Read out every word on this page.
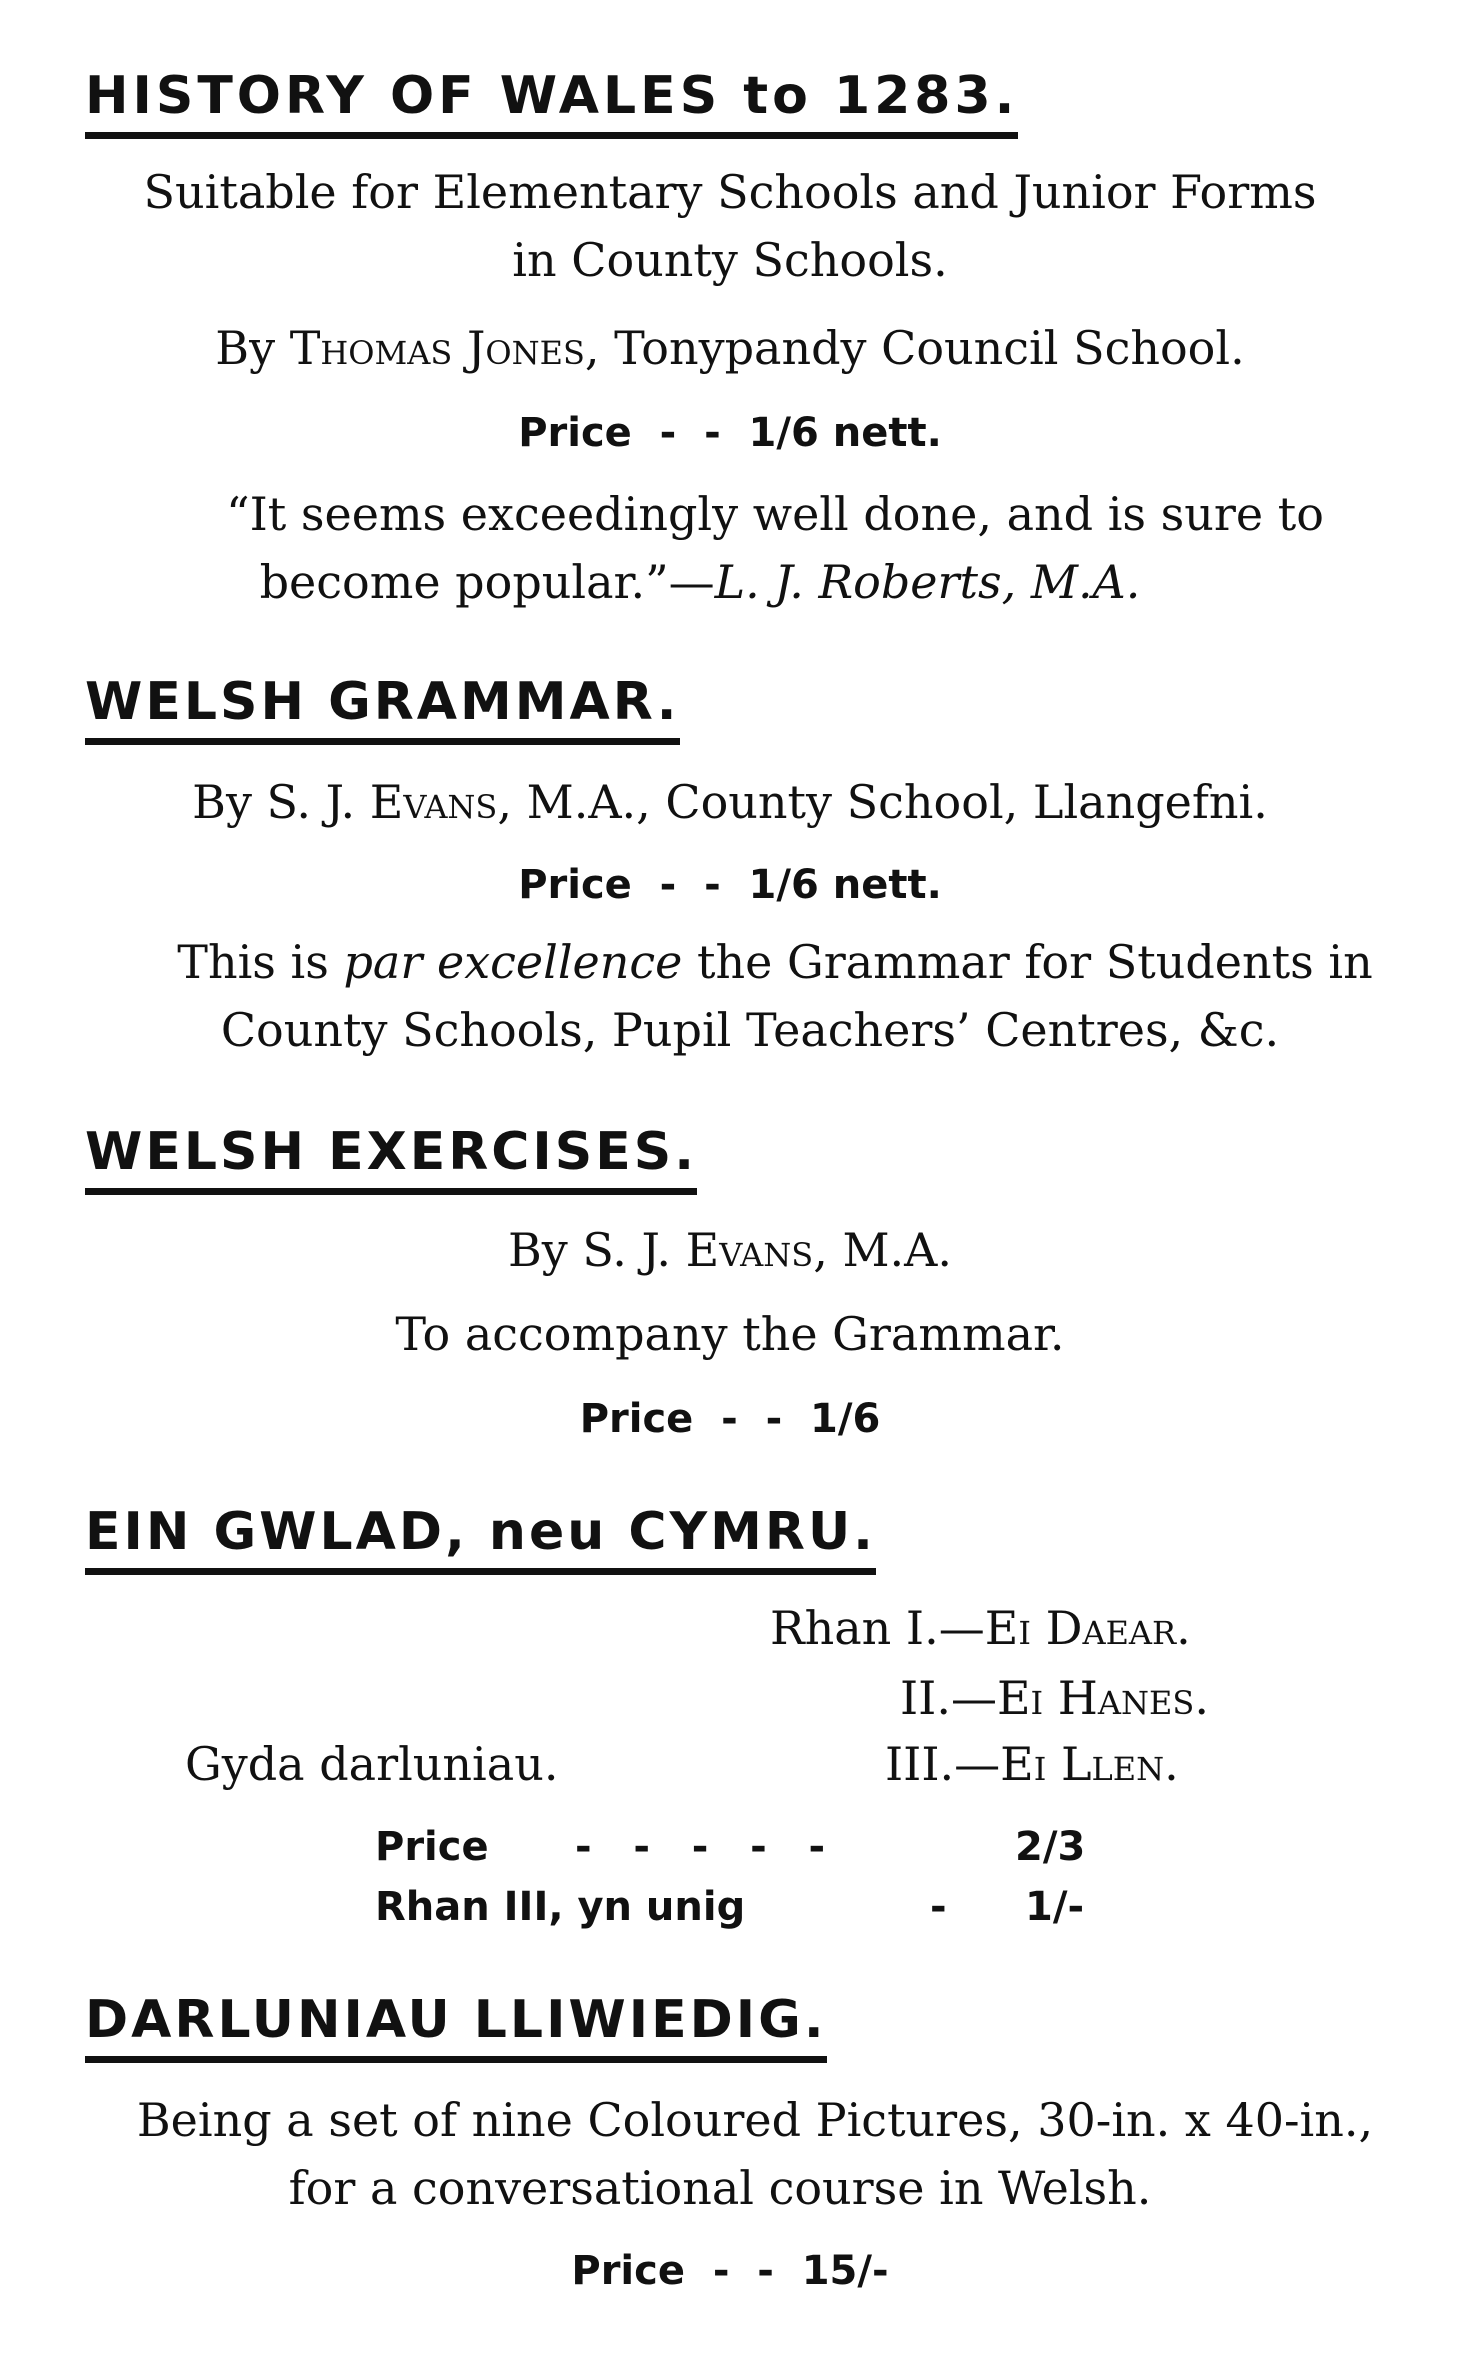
HISTORY OF WALES to 1283.
Suitable for Elementary Schools and Junior Forms
in County Schools.
By Thomas Jones, Tonypandy Council School.
Price  -  -  1/6 nett.
“It seems exceedingly well done, and is sure to
become popular.”—L. J. Roberts, M.A.
WELSH GRAMMAR.
By S. J. Evans, M.A., County School, Llangefni.
Price  -  -  1/6 nett.
This is par excellence the Grammar for Students in
County Schools, Pupil Teachers’ Centres, &c.
WELSH EXERCISES.
By S. J. Evans, M.A.
To accompany the Grammar.
Price  -  -  1/6
EIN GWLAD, neu CYMRU.
Rhan I.—Ei Daear.
II.—Ei Hanes.
III.—Ei Llen.
Gyda darluniau.
Price -   -   -   -   -	2/3
Rhan III, yn unig	- 1/-
DARLUNIAU LLIWIEDIG.
Being a set of nine Coloured Pictures, 30-in. x 40-in.,
for a conversational course in Welsh.
Price  -  -  15/-
